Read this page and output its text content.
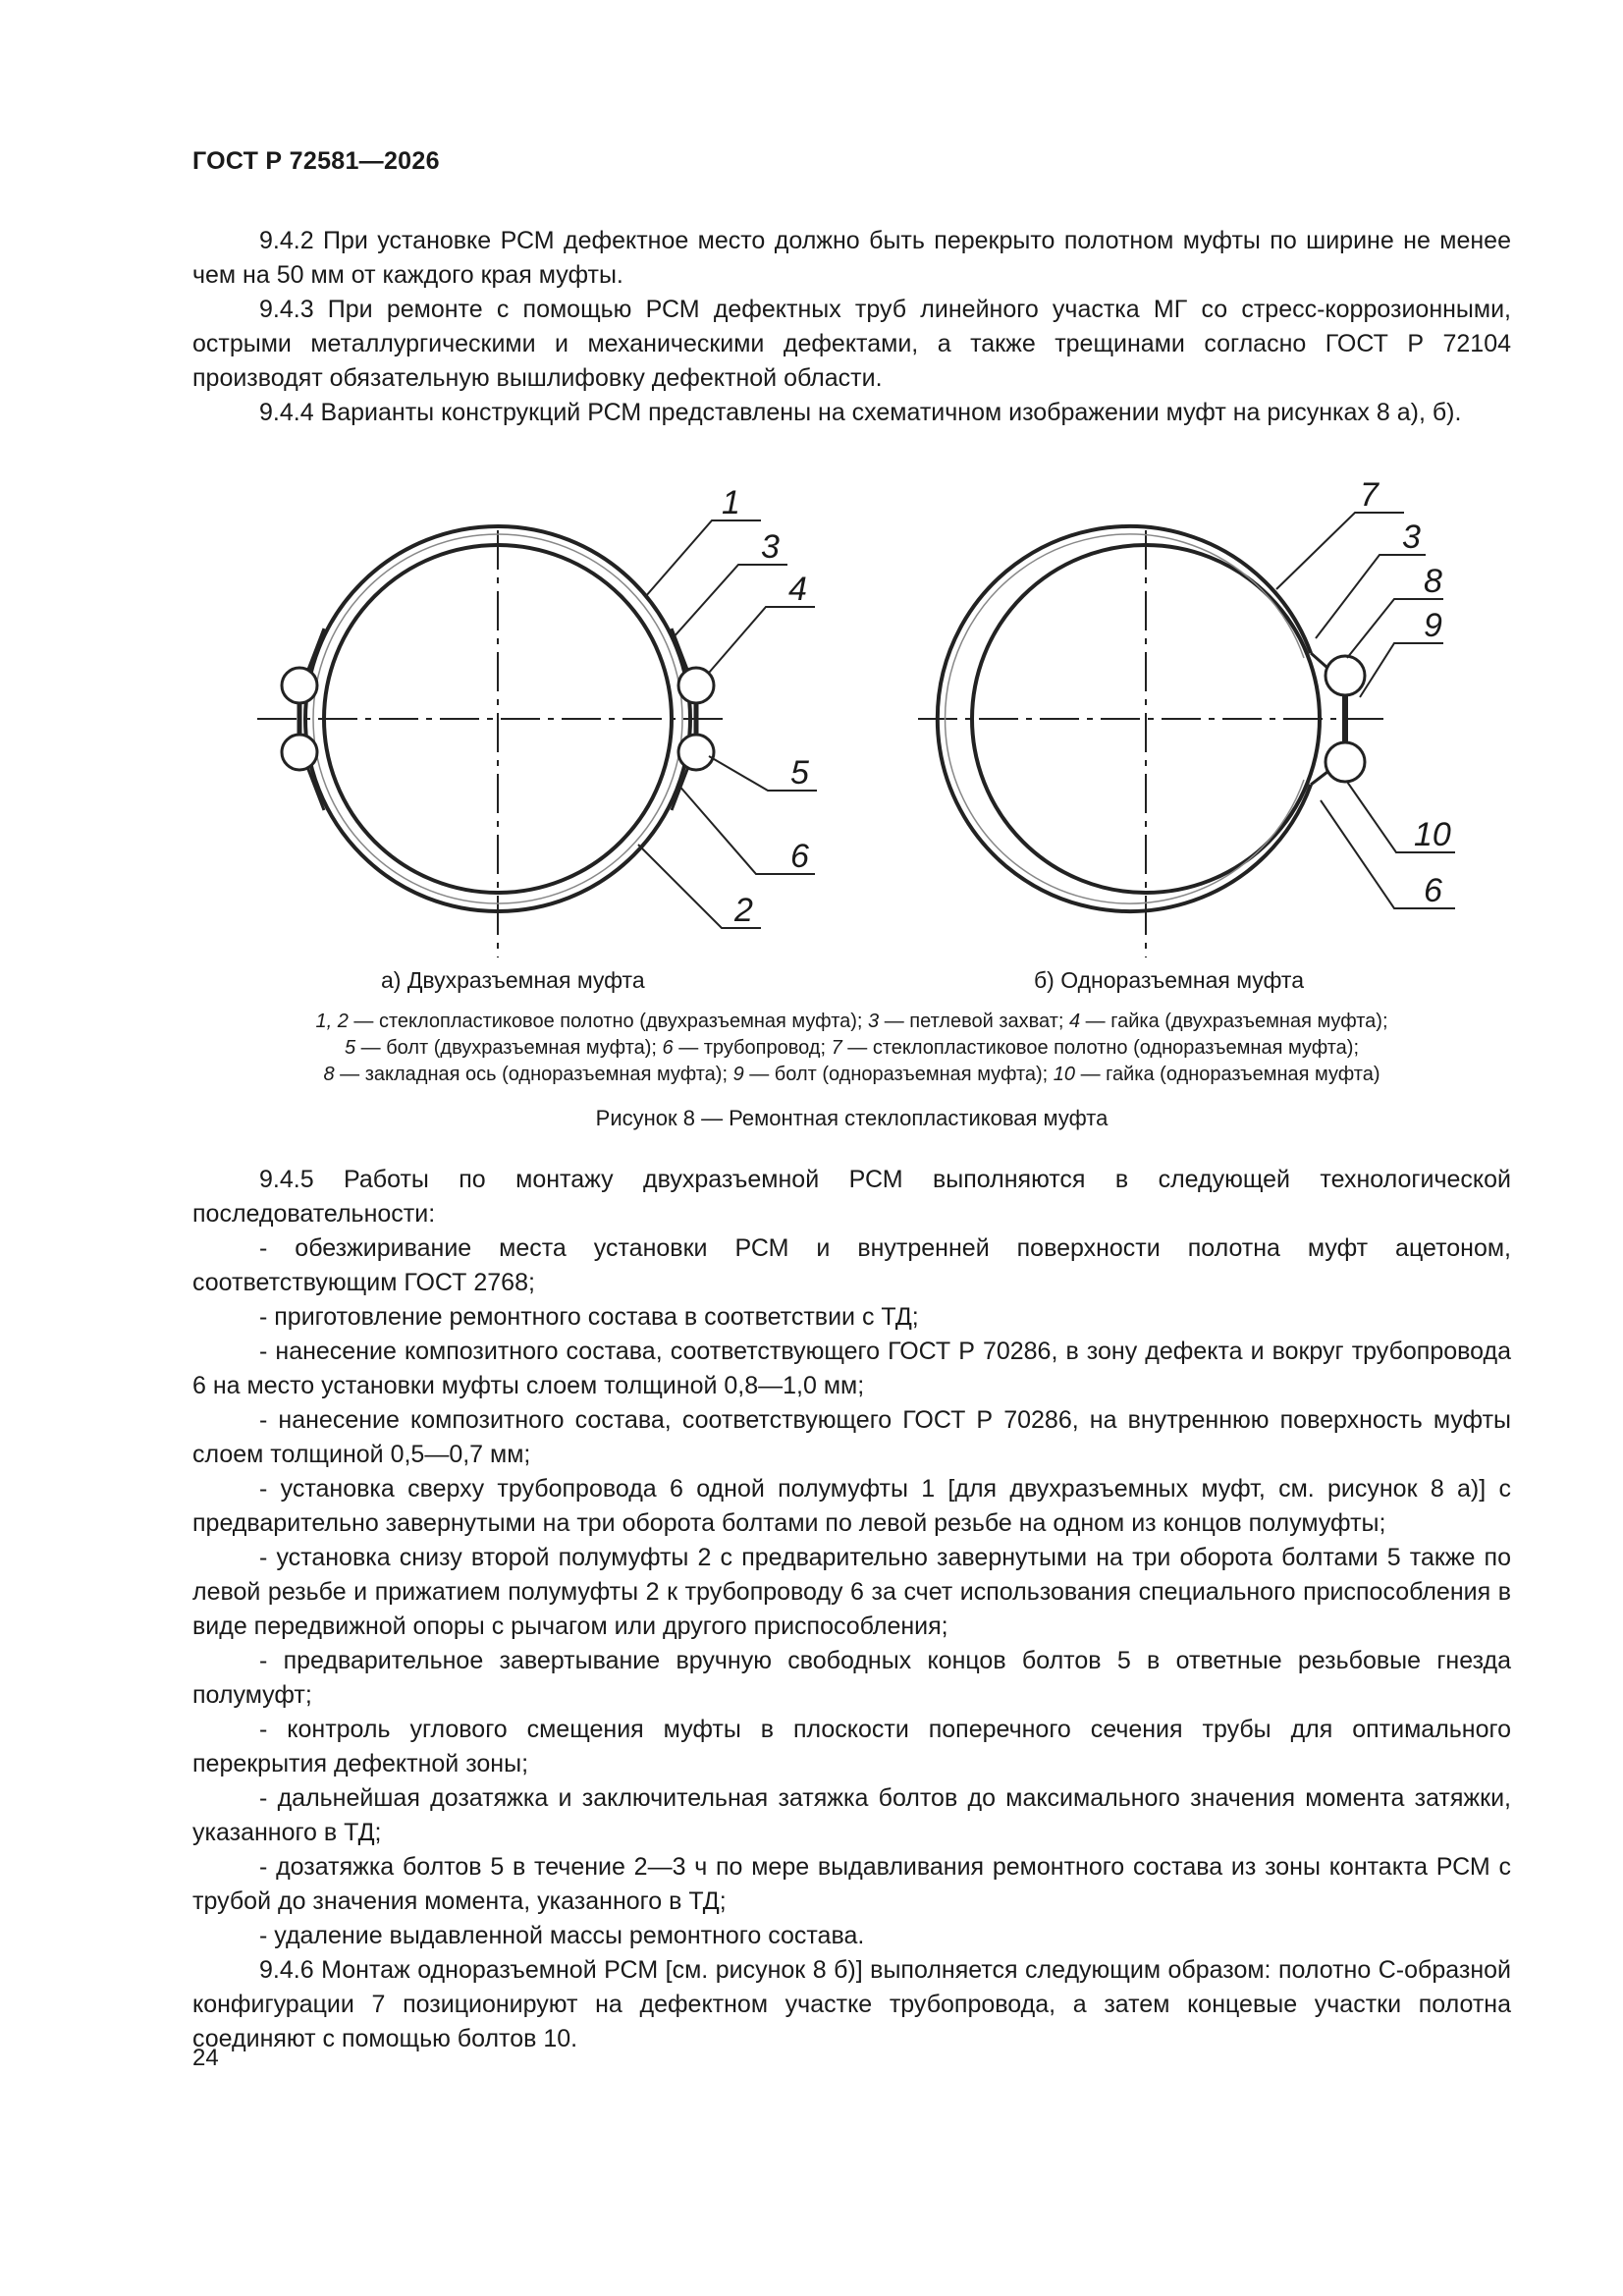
ГОСТ Р 72581—2026

9.4.2 При установке РСМ дефектное место должно быть перекрыто полотном муфты по ширине не менее чем на 50 мм от каждого края муфты.

9.4.3 При ремонте с помощью РСМ дефектных труб линейного участка МГ со стресс-коррозионными, острыми металлургическими и механическими дефектами, а также трещинами согласно ГОСТ Р 72104 производят обязательную вышлифовку дефектной области.

9.4.4 Варианты конструкций РСМ представлены на схематичном изображении муфт на рисунках 8 а), б).

1
3
4
5
6
2
7
3
8
9
10
6
а) Двухразъемная муфта	б) Одноразъемная муфта
1, 2 — стеклопластиковое полотно (двухразъемная муфта); 3 — петлевой захват; 4 — гайка (двухразъемная муфта);
5 — болт (двухразъемная муфта); 6 — трубопровод; 7 — стеклопластиковое полотно (одноразъемная муфта);
8 — закладная ось (одноразъемная муфта); 9 — болт (одноразъемная муфта); 10 — гайка (одноразъемная муфта)
Рисунок 8 — Ремонтная стеклопластиковая муфта

9.4.5 Работы по монтажу двухразъемной РСМ выполняются в следующей технологической последовательности:

- обезжиривание места установки РСМ и внутренней поверхности полотна муфт ацетоном, соответствующим ГОСТ 2768;

- приготовление ремонтного состава в соответствии с ТД;

- нанесение композитного состава, соответствующего ГОСТ Р 70286, в зону дефекта и вокруг трубопровода 6 на место установки муфты слоем толщиной 0,8—1,0 мм;

- нанесение композитного состава, соответствующего ГОСТ Р 70286, на внутреннюю поверхность муфты слоем толщиной 0,5—0,7 мм;

- установка сверху трубопровода 6 одной полумуфты 1 [для двухразъемных муфт, см. рисунок 8 а)] с предварительно завернутыми на три оборота болтами по левой резьбе на одном из концов полумуфты;

- установка снизу второй полумуфты 2 с предварительно завернутыми на три оборота болтами 5 также по левой резьбе и прижатием полумуфты 2 к трубопроводу 6 за счет использования специального приспособления в виде передвижной опоры с рычагом или другого приспособления;

- предварительное завертывание вручную свободных концов болтов 5 в ответные резьбовые гнезда полумуфт;

- контроль углового смещения муфты в плоскости поперечного сечения трубы для оптимального перекрытия дефектной зоны;

- дальнейшая дозатяжка и заключительная затяжка болтов до максимального значения момента затяжки, указанного в ТД;

- дозатяжка болтов 5 в течение 2—3 ч по мере выдавливания ремонтного состава из зоны контакта РСМ с трубой до значения момента, указанного в ТД;

- удаление выдавленной массы ремонтного состава.

9.4.6 Монтаж одноразъемной РСМ [см. рисунок 8 б)] выполняется следующим образом: полотно С-образной конфигурации 7 позиционируют на дефектном участке трубопровода, а затем концевые участки полотна соединяют с помощью болтов 10.

24
